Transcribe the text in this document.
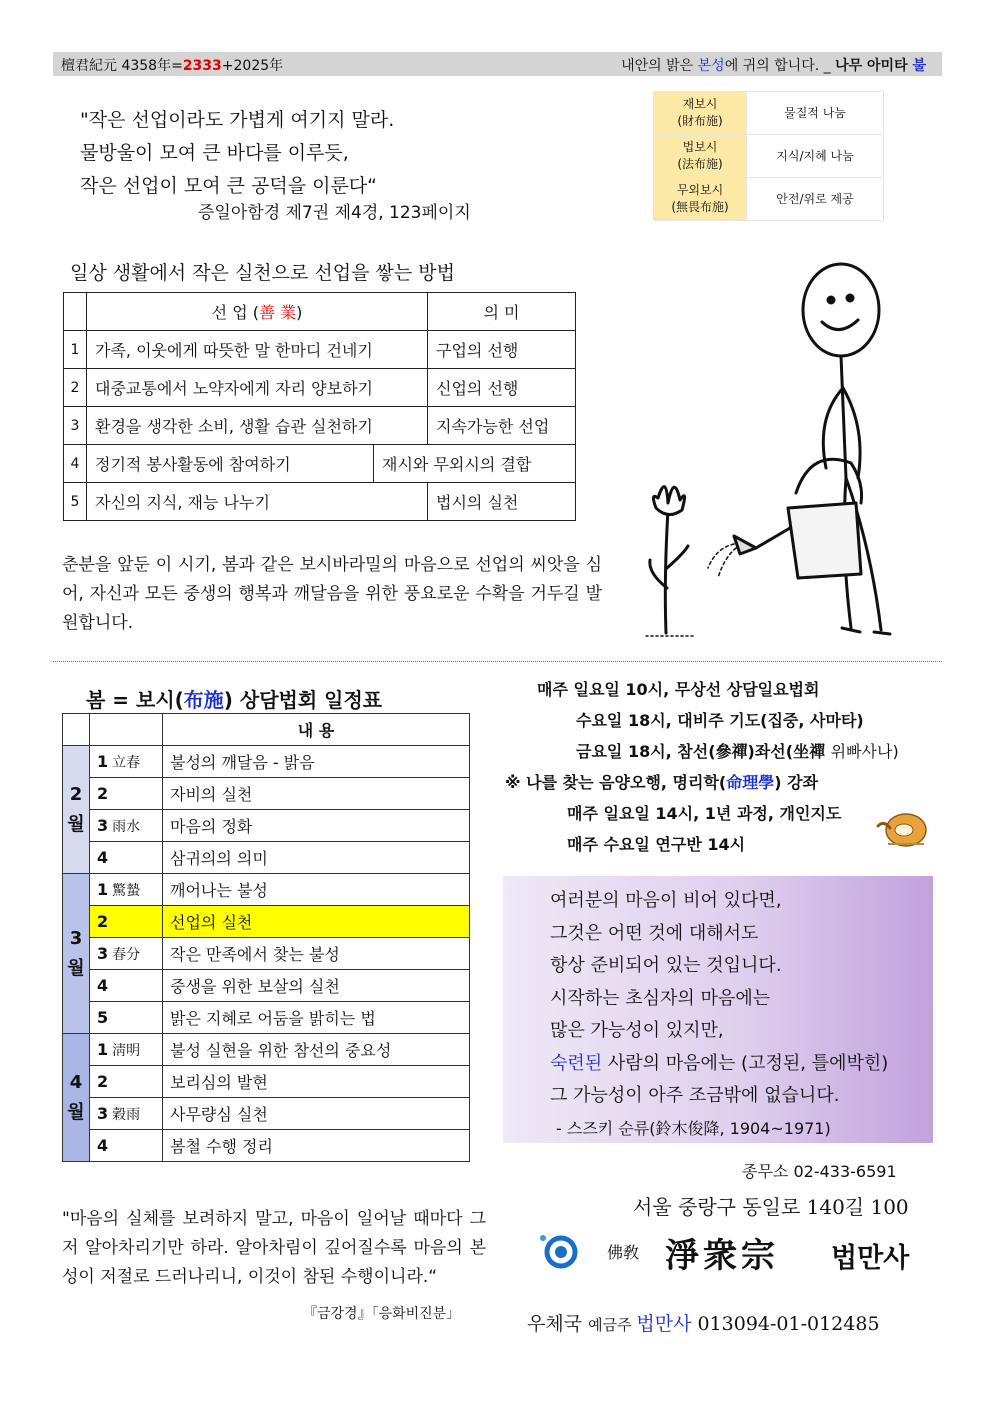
檀君紀元 4358年=2333+2025年	내안의 밝은 본성에 귀의 합니다. _ 나무 아미타 불
"작은 선업이라도 가볍게 여기지 말라.
물방울이 모여 큰 바다를 이루듯,
작은 선업이 모여 큰 공덕을 이룬다“
증일아함경 제7권 제4경, 123페이지
재보시
(財布施)	물질적 나눔
법보시
(法布施)	지식/지혜 나눔
무외보시
(無畏布施)	안전/위로 제공
일상 생활에서 작은 실천으로 선업을 쌓는 방법
	선 업 (善 業)		의 미
1	가족, 이웃에게 따뜻한 말 한마디 건네기		구업의 선행
2	대중교통에서 노약자에게 자리 양보하기		신업의 선행
3	환경을 생각한 소비, 생활 습관 실천하기		지속가능한 선업
4	정기적 봉사활동에 참여하기	재시와 무외시의 결합	
5	자신의 지식, 재능 나누기		법시의 실천
춘분을 앞둔 이 시기, 봄과 같은 보시바라밀의 마음으로 선업의 씨앗을 심어, 자신과 모든 중생의 행복과 깨달음을 위한 풍요로운 수확을 거두길 발원합니다.
봄 = 보시(布施) 상담법회 일정표
		내 용
2
월	1 立春	불성의 깨달음 - 밝음
	2	자비의 실천
	3 雨水	마음의 정화
	4	삼귀의의 의미
3
월	1 驚蟄	깨어나는 불성
	2	선업의 실천
	3 春分	작은 만족에서 찾는 불성
	4	중생을 위한 보살의 실천
	5	밝은 지혜로 어둠을 밝히는 법
4
월	1 淸明	불성 실현을 위한 참선의 중요성
	2	보리심의 발현
	3 穀雨	사무량심 실천
	4	봄철 수행 정리
매주 일요일 10시, 무상선 상담일요법회
수요일 18시, 대비주 기도(집중, 사마타)
금요일 18시, 참선(參禪)좌선(坐禪 위빠사나)
※ 나를 찾는 음양오행, 명리학(命理學) 강좌
매주 일요일 14시, 1년 과정, 개인지도
매주 수요일 연구반 14시
여러분의 마음이 비어 있다면,
그것은 어떤 것에 대해서도
항상 준비되어 있는 것입니다.
시작하는 초심자의 마음에는
많은 가능성이 있지만,
숙련된 사람의 마음에는 (고정된, 틀에박힌)
그 가능성이 아주 조금밖에 없습니다.
- 스즈키 순류(鈴木俊降, 1904~1971)
종무소 02-433-6591
서울 중랑구 동일로 140길 100
佛敎 淨衆宗 법만사
우체국 예금주 법만사 013094-01-012485
"마음의 실체를 보려하지 말고, 마음이 일어날 때마다 그저 알아차리기만 하라. 알아차림이 깊어질수록 마음의 본성이 저절로 드러나리니, 이것이 참된 수행이니라.“
『금강경』「응화비진분」
